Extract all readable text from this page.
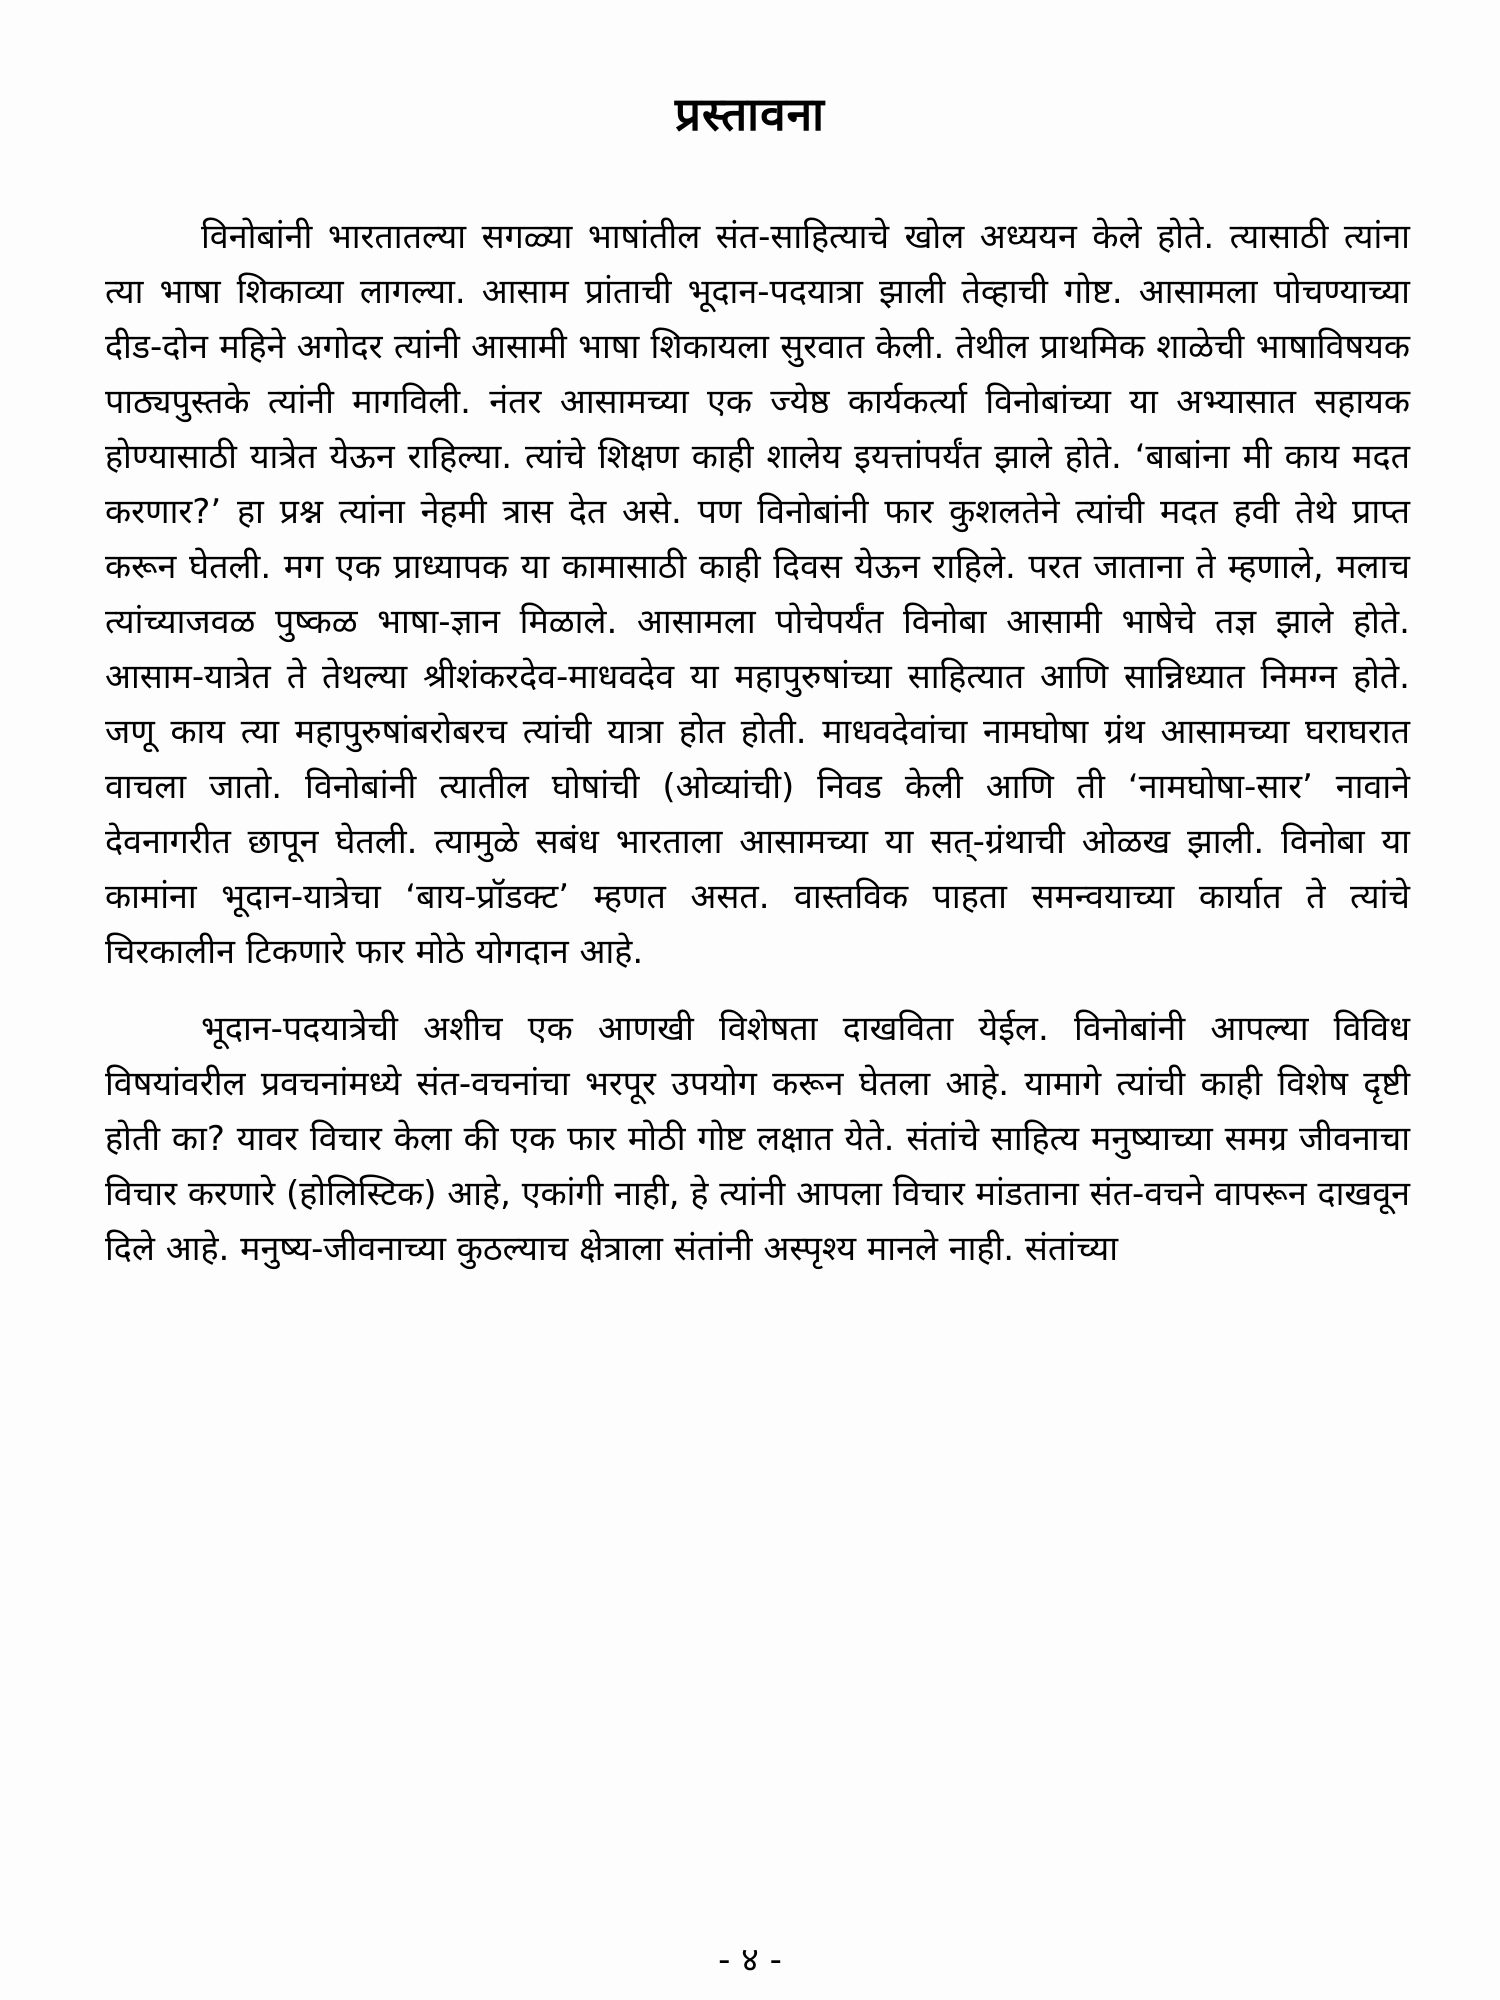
प्रस्तावना

विनोबांनी भारतातल्या सगळ्या भाषांतील संत-साहित्याचे खोल अध्ययन केले होते. त्यासाठी त्यांना त्या भाषा शिकाव्या लागल्या. आसाम प्रांताची भूदान-पदयात्रा झाली तेव्हाची गोष्ट. आसामला पोचण्याच्या दीड-दोन महिने अगोदर त्यांनी आसामी भाषा शिकायला सुरवात केली. तेथील प्राथमिक शाळेची भाषाविषयक पाठ्यपुस्तके त्यांनी मागविली. नंतर आसामच्या एक ज्येष्ठ कार्यकर्त्या विनोबांच्या या अभ्यासात सहायक होण्यासाठी यात्रेत येऊन राहिल्या. त्यांचे शिक्षण काही शालेय इयत्तांपर्यंत झाले होते. ‘बाबांना मी काय मदत करणार?’ हा प्रश्न त्यांना नेहमी त्रास देत असे. पण विनोबांनी फार कुशलतेने त्यांची मदत हवी तेथे प्राप्त करून घेतली. मग एक प्राध्यापक या कामासाठी काही दिवस येऊन राहिले. परत जाताना ते म्हणाले, मलाच त्यांच्याजवळ पुष्कळ भाषा-ज्ञान मिळाले. आसामला पोचेपर्यंत विनोबा आसामी भाषेचे तज्ञ झाले होते. आसाम-यात्रेत ते तेथल्या श्रीशंकरदेव-माधवदेव या महापुरुषांच्या साहित्यात आणि सान्निध्यात निमग्न होते. जणू काय त्या महापुरुषांबरोबरच त्यांची यात्रा होत होती. माधवदेवांचा नामघोषा ग्रंथ आसामच्या घराघरात वाचला जातो. विनोबांनी त्यातील घोषांची (ओव्यांची) निवड केली आणि ती ‘नामघोषा-सार’ नावाने देवनागरीत छापून घेतली. त्यामुळे सबंध भारताला आसामच्या या सत्-ग्रंथाची ओळख झाली. विनोबा या कामांना भूदान-यात्रेचा ‘बाय-प्रॉडक्ट’ म्हणत असत. वास्तविक पाहता समन्वयाच्या कार्यात ते त्यांचे चिरकालीन टिकणारे फार मोठे योगदान आहे.

भूदान-पदयात्रेची अशीच एक आणखी विशेषता दाखविता येईल. विनोबांनी आपल्या विविध विषयांवरील प्रवचनांमध्ये संत-वचनांचा भरपूर उपयोग करून घेतला आहे. यामागे त्यांची काही विशेष दृष्टी होती का? यावर विचार केला की एक फार मोठी गोष्ट लक्षात येते. संतांचे साहित्य मनुष्याच्या समग्र जीवनाचा विचार करणारे (होलिस्टिक) आहे, एकांगी नाही, हे त्यांनी आपला विचार मांडताना संत-वचने वापरून दाखवून दिले आहे. मनुष्य-जीवनाच्या कुठल्याच क्षेत्राला संतांनी अस्पृश्य मानले नाही. संतांच्या

- ४ -
